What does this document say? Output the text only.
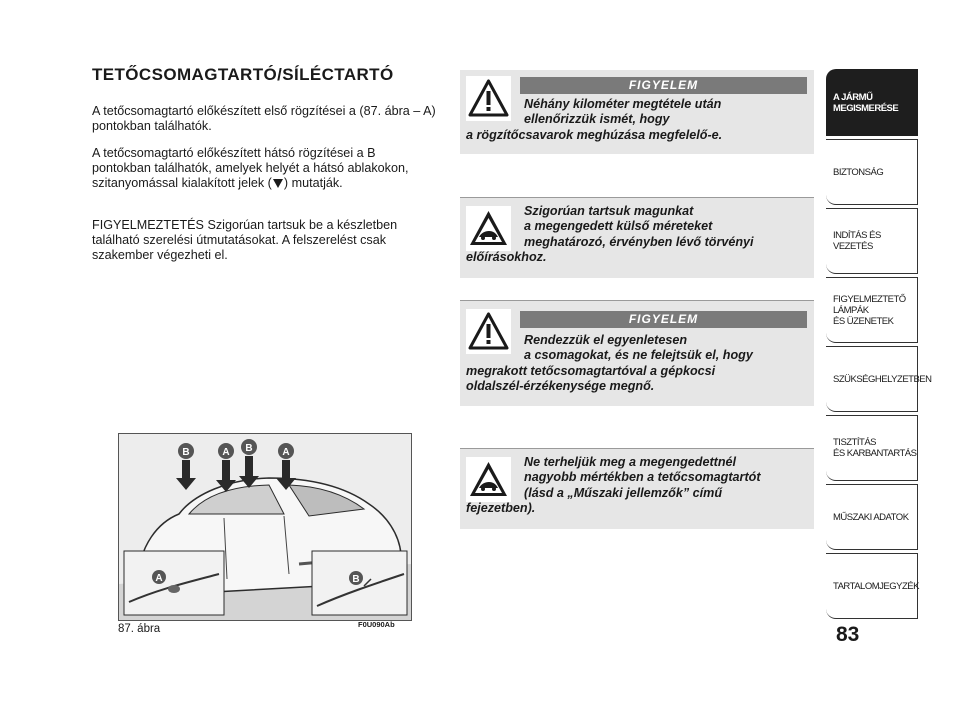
TETŐCSOMAGTARTÓ/SÍLÉCTARTÓ
A tetőcsomagtartó előkészített első rögzítései a (87. ábra – A) pontokban találhatók.
A tetőcsomagtartó előkészített hátsó rögzítései a B pontokban találhatók, amelyek helyét a hátsó ablakokon, szitanyomással kialakított jelek ( ) mutatják.
FIGYELMEZTETÉS Szigorúan tartsuk be a készletben található szerelési útmutatásokat. A felszerelést csak szakember végezheti el.
B	A B	A
A	B
87. ábra	F0U090Ab
FIGYELEM
Néhány kilométer megtétele után
ellenőrizzük ismét, hogy
a rögzítőcsavarok meghúzása megfelelő-e.
Szigorúan tartsuk magunkat
a megengedett külső méreteket
meghatározó, érvényben lévő törvényi
előírásokhoz.
FIGYELEM
Rendezzük el egyenletesen
a csomagokat, és ne felejtsük el, hogy
megrakott tetőcsomagtartóval a gépkocsi
oldalszél-érzékenysége megnő.
Ne terheljük meg a megengedettnél
nagyobb mértékben a tetőcsomagtartót
(lásd a „Műszaki jellemzők” című
fejezetben).
A JÁRMŰ
MEGISMERÉSE
BIZTONSÁG
INDÍTÁS ÉS VEZETÉS
FIGYELMEZTETŐ
LÁMPÁK
ÉS ÜZENETEK
SZÜKSÉGHELYZETBEN
TISZTÍTÁS
ÉS KARBANTARTÁS
MŰSZAKI ADATOK
TARTALOMJEGYZÉK
83
